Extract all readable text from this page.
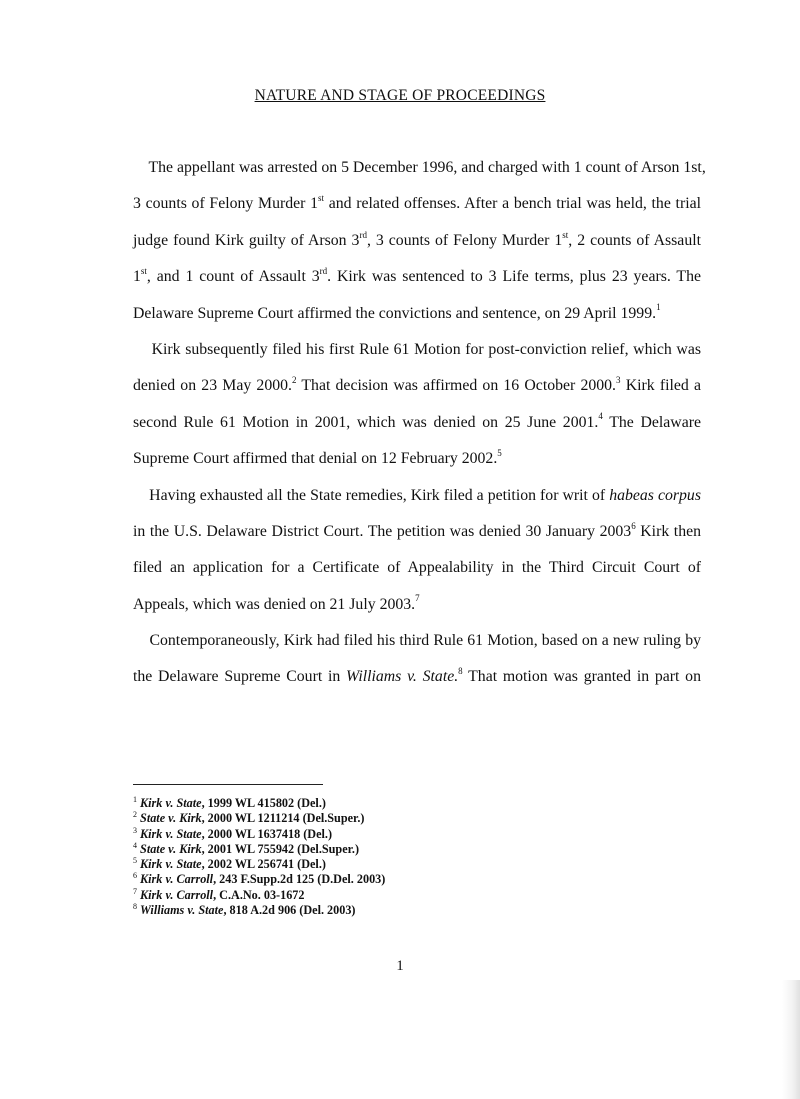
NATURE AND STAGE OF PROCEEDINGS
The appellant was arrested on 5 December 1996, and charged with 1 count of Arson 1st,
3 counts of Felony Murder 1st and related offenses. After a bench trial was held, the trial
judge found Kirk guilty of Arson 3rd, 3 counts of Felony Murder 1st, 2 counts of Assault
1st, and 1 count of Assault 3rd. Kirk was sentenced to 3 Life terms, plus 23 years. The
Delaware Supreme Court affirmed the convictions and sentence, on 29 April 1999.$^1$
Kirk subsequently filed his first Rule 61 Motion for post-conviction relief, which was
denied on 23 May 2000.$^2$ That decision was affirmed on 16 October 2000.$^3$ Kirk filed a
second Rule 61 Motion in 2001, which was denied on 25 June 2001.$^4$ The Delaware
Supreme Court affirmed that denial on 12 February 2002.$^5$
Having exhausted all the State remedies, Kirk filed a petition for writ of habeas corpus
in the U.S. Delaware District Court. The petition was denied 30 January 2003$^6$ Kirk then
filed an application for a Certificate of Appealability in the Third Circuit Court of
Appeals, which was denied on 21 July 2003.$^7$
Contemporaneously, Kirk had filed his third Rule 61 Motion, based on a new ruling by
the Delaware Supreme Court in Williams v. State.$^8$ That motion was granted in part on
$^1$ Kirk v. State, 1999 WL 415802 (Del.)
$^2$ State v. Kirk, 2000 WL 1211214 (Del.Super.)
$^3$ Kirk v. State, 2000 WL 1637418 (Del.)
$^4$ State v. Kirk, 2001 WL 755942 (Del.Super.)
$^5$ Kirk v. State, 2002 WL 256741 (Del.)
$^6$ Kirk v. Carroll, 243 F.Supp.2d 125 (D.Del. 2003)
$^7$ Kirk v. Carroll, C.A.No. 03-1672
$^8$ Williams v. State, 818 A.2d 906 (Del. 2003)
1
